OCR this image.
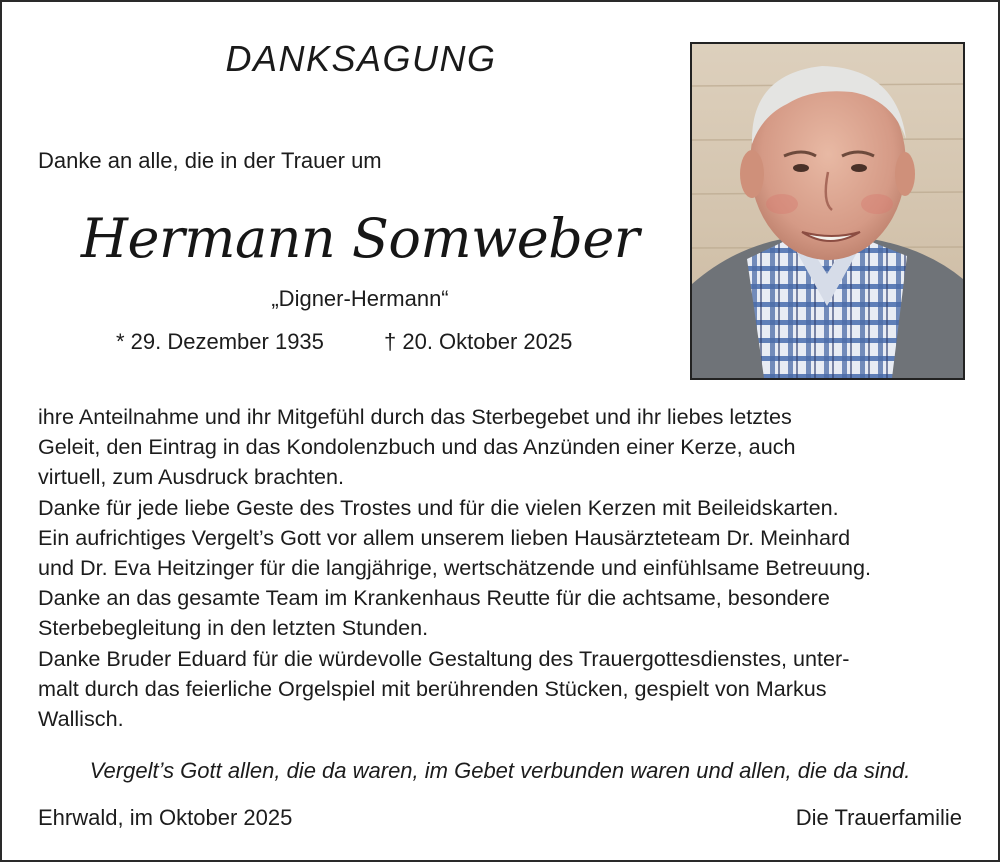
DANKSAGUNG
Danke an alle, die in der Trauer um
Hermann Somweber
„Digner-Hermann“
* 29. Dezember 1935	† 20. Oktober 2025
ihre Anteilnahme und ihr Mitgefühl durch das Sterbegebet und ihr liebes letztes
Geleit, den Eintrag in das Kondolenzbuch und das Anzünden einer Kerze, auch
virtuell, zum Ausdruck brachten.
Danke für jede liebe Geste des Trostes und für die vielen Kerzen mit Beileidskarten.
Ein aufrichtiges Vergelt’s Gott vor allem unserem lieben Hausärzteteam Dr. Meinhard
und Dr. Eva Heitzinger für die langjährige, wertschätzende und einfühlsame Betreuung.
Danke an das gesamte Team im Krankenhaus Reutte für die achtsame, besondere
Sterbebegleitung in den letzten Stunden.
Danke Bruder Eduard für die würdevolle Gestaltung des Trauergottesdienstes, unter-
malt durch das feierliche Orgelspiel mit berührenden Stücken, gespielt von Markus
Wallisch.
Vergelt’s Gott allen, die da waren, im Gebet verbunden waren und allen, die da sind.
Ehrwald, im Oktober 2025	Die Trauerfamilie
